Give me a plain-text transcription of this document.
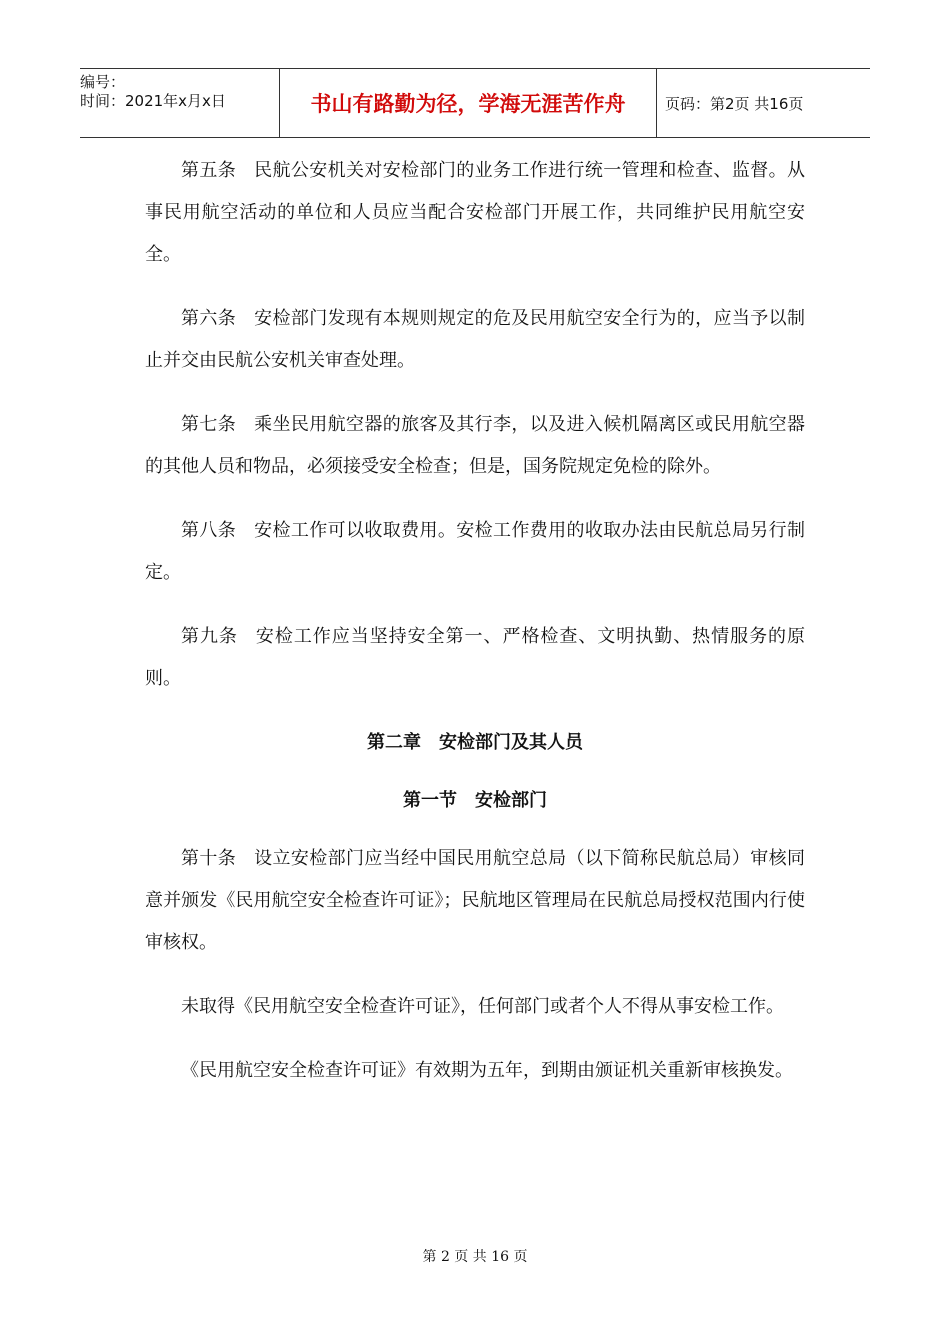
编号：
时间：2021年x月x日	书山有路勤为径，学海无涯苦作舟	页码：第2页 共16页

第五条 民航公安机关对安检部门的业务工作进行统一管理和检查、监督。从事民用航空活动的单位和人员应当配合安检部门开展工作，共同维护民用航空安全。

第六条 安检部门发现有本规则规定的危及民用航空安全行为的，应当予以制止并交由民航公安机关审查处理。

第七条 乘坐民用航空器的旅客及其行李，以及进入候机隔离区或民用航空器的其他人员和物品，必须接受安全检查；但是，国务院规定免检的除外。

第八条 安检工作可以收取费用。安检工作费用的收取办法由民航总局另行制定。

第九条 安检工作应当坚持安全第一、严格检查、文明执勤、热情服务的原则。

第二章　安检部门及其人员
第一节　安检部门

第十条 设立安检部门应当经中国民用航空总局（以下简称民航总局）审核同意并颁发《民用航空安全检查许可证》；民航地区管理局在民航总局授权范围内行使审核权。

未取得《民用航空安全检查许可证》，任何部门或者个人不得从事安检工作。

《民用航空安全检查许可证》有效期为五年，到期由颁证机关重新审核换发。

第 2 页 共 16 页
